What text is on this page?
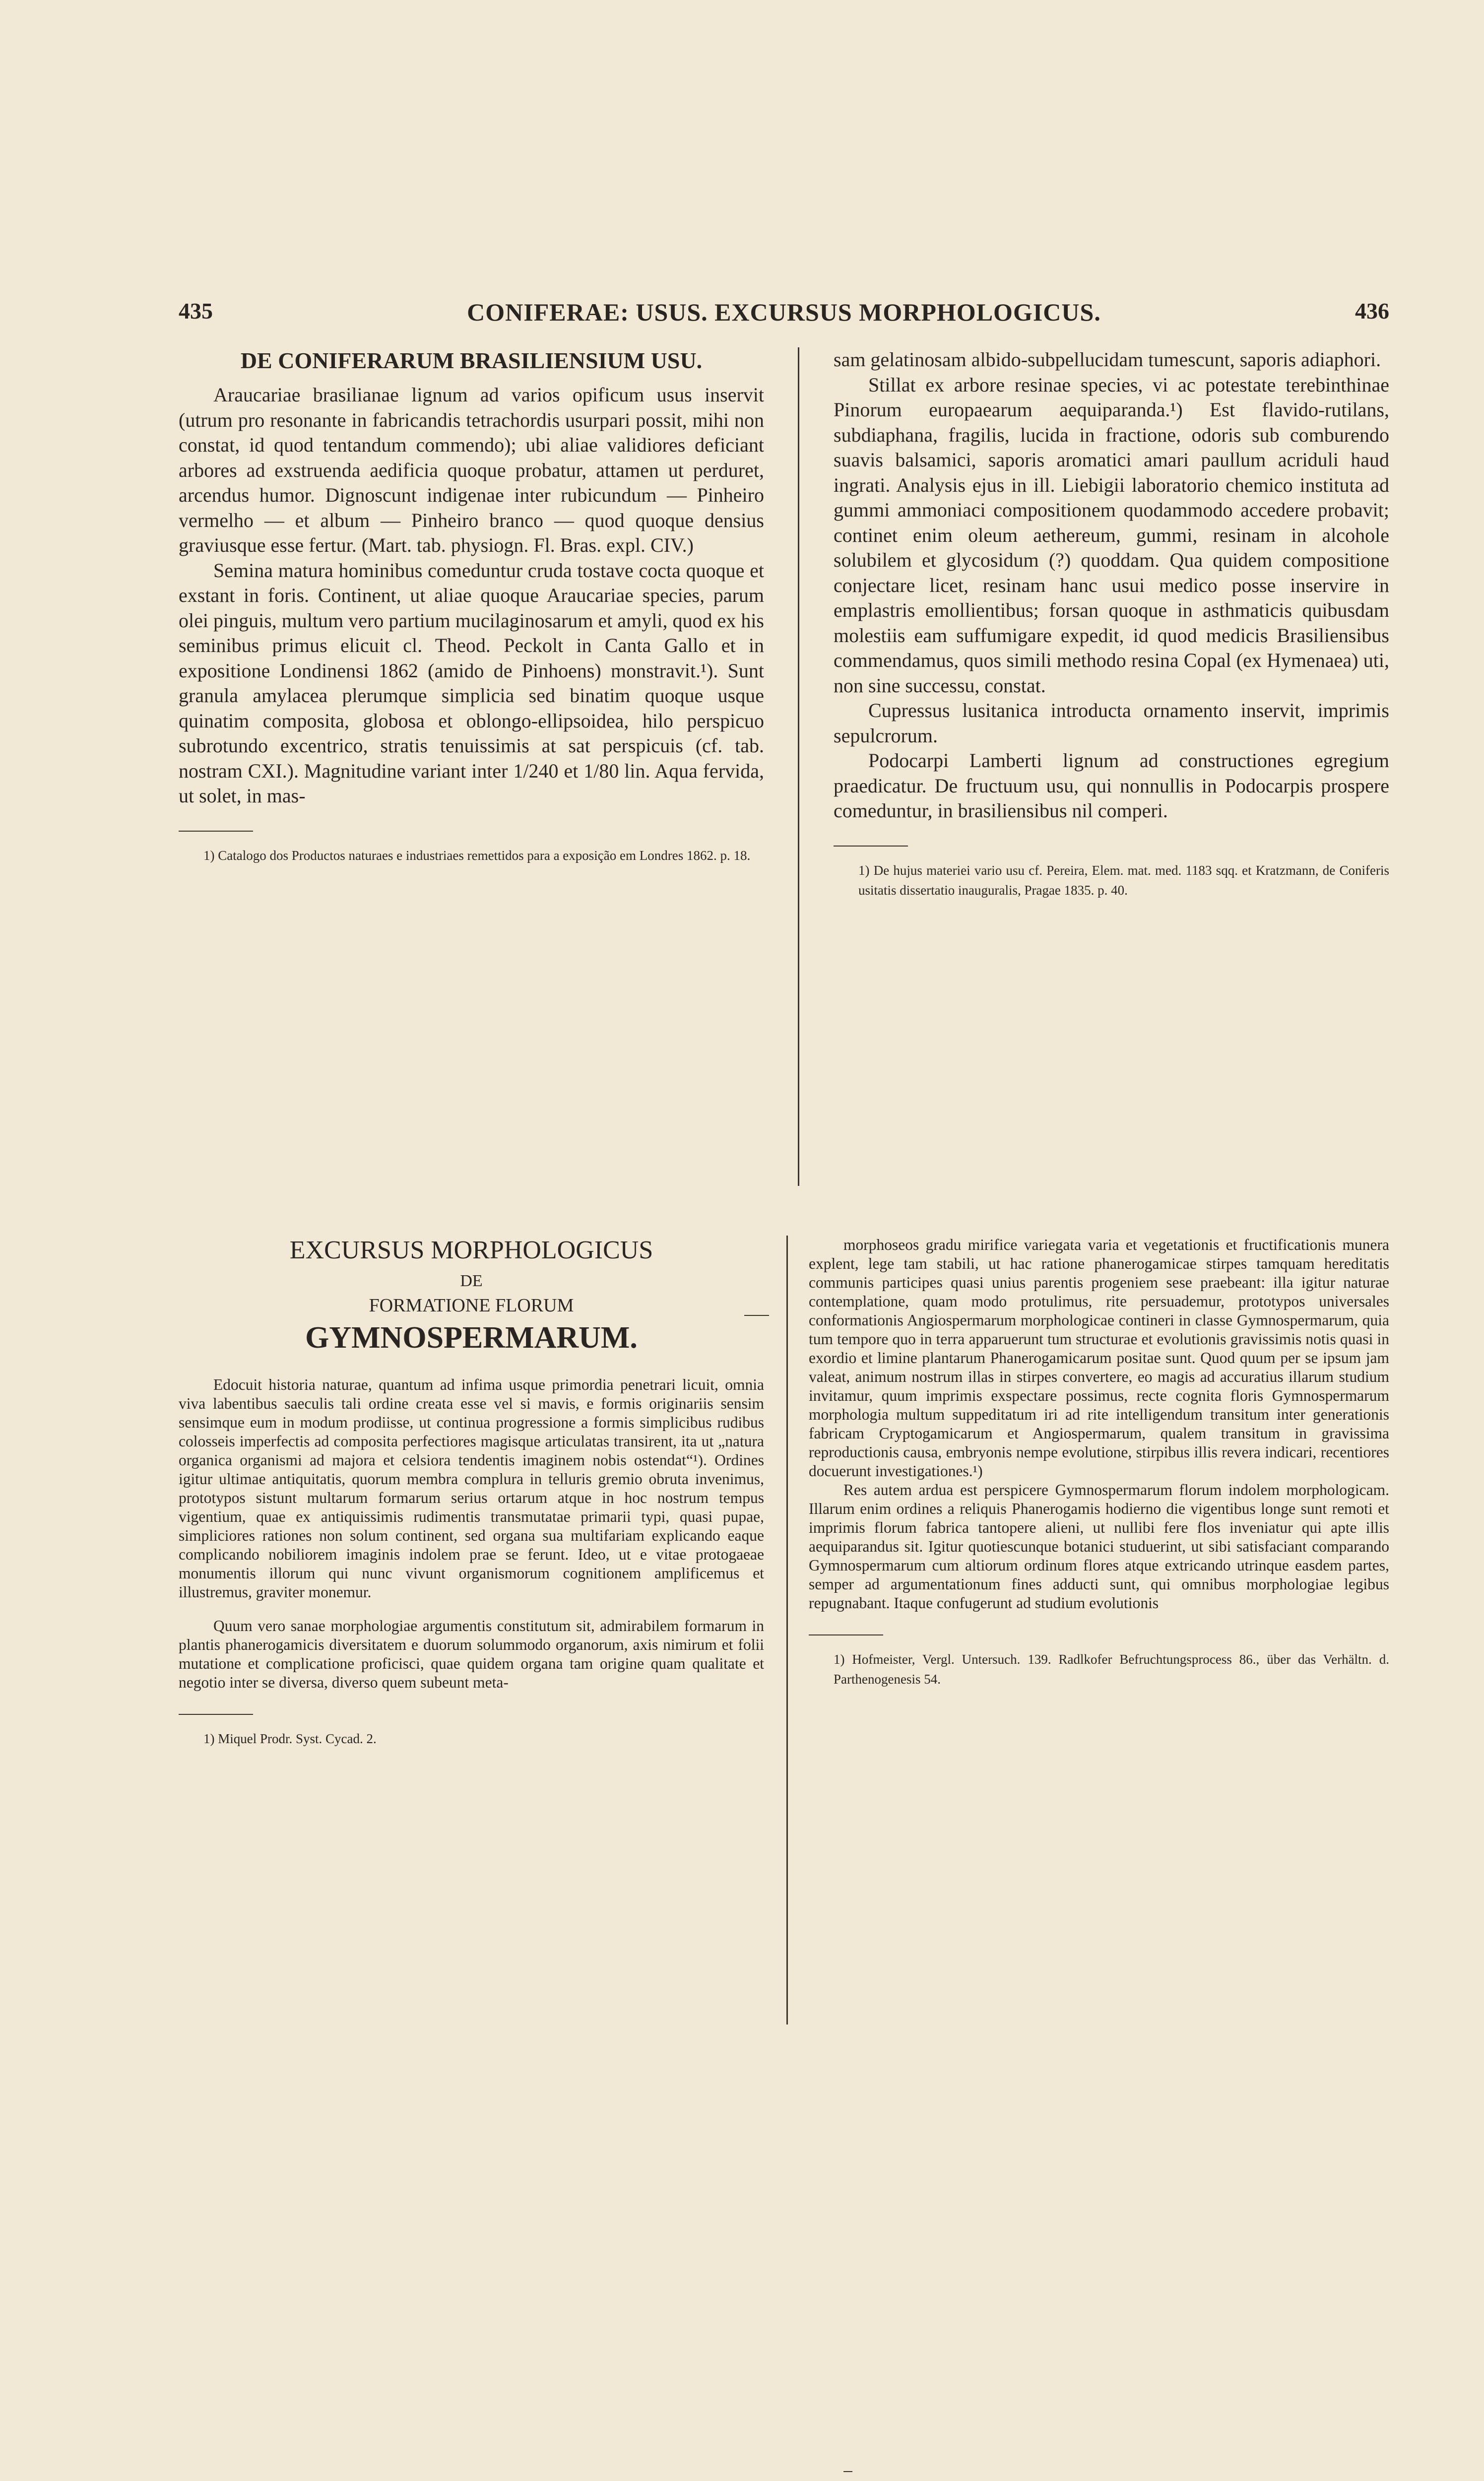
435	CONIFERAE: USUS. EXCURSUS MORPHOLOGICUS.	436
DE CONIFERARUM BRASILIENSIUM USU.

Araucariae brasilianae lignum ad varios opificum usus inservit (utrum pro resonante in fabricandis tetrachordis usurpari possit, mihi non constat, id quod tentandum commendo); ubi aliae validiores deficiant arbores ad exstruenda aedificia quoque probatur, attamen ut perduret, arcendus humor. Dignoscunt indigenae inter rubicundum — Pinheiro vermelho — et album — Pinheiro branco — quod quoque densius graviusque esse fertur. (Mart. tab. physiogn. Fl. Bras. expl. CIV.)

Semina matura hominibus comeduntur cruda tostave cocta quoque et exstant in foris. Continent, ut aliae quoque Araucariae species, parum olei pinguis, multum vero partium mucilaginosarum et amyli, quod ex his seminibus primus elicuit cl. Theod. Peckolt in Canta Gallo et in expositione Londinensi 1862 (amido de Pinhoens) monstravit.¹). Sunt granula amylacea plerumque simplicia sed binatim quoque usque quinatim composita, globosa et oblongo-ellipsoidea, hilo perspicuo subrotundo excentrico, stratis tenuissimis at sat perspicuis (cf. tab. nostram CXI.). Magnitudine variant inter 1/240 et 1/80 lin. Aqua fervida, ut solet, in mas-

1) Catalogo dos Productos naturaes e industriaes remettidos para a exposição em Londres 1862. p. 18.

sam gelatinosam albido-subpellucidam tumescunt, saporis adiaphori.

Stillat ex arbore resinae species, vi ac potestate terebinthinae Pinorum europaearum aequiparanda.¹) Est flavido-rutilans, subdiaphana, fragilis, lucida in fractione, odoris sub comburendo suavis balsamici, saporis aromatici amari paullum acriduli haud ingrati. Analysis ejus in ill. Liebigii laboratorio chemico instituta ad gummi ammoniaci compositionem quodammodo accedere probavit; continet enim oleum aethereum, gummi, resinam in alcohole solubilem et glycosidum (?) quoddam. Qua quidem compositione conjectare licet, resinam hanc usui medico posse inservire in emplastris emollientibus; forsan quoque in asthmaticis quibusdam molestiis eam suffumigare expedit, id quod medicis Brasiliensibus commendamus, quos simili methodo resina Copal (ex Hymenaea) uti, non sine successu, constat.

Cupressus lusitanica introducta ornamento inservit, imprimis sepulcrorum.

Podocarpi Lamberti lignum ad constructiones egregium praedicatur. De fructuum usu, qui nonnullis in Podocarpis prospere comeduntur, in brasiliensibus nil comperi.

1) De hujus materiei vario usu cf. Pereira, Elem. mat. med. 1183 sqq. et Kratzmann, de Coniferis usitatis dissertatio inauguralis, Pragae 1835. p. 40.

EXCURSUS MORPHOLOGICUS
DE
FORMATIONE FLORUM
GYMNOSPERMARUM.

Edocuit historia naturae, quantum ad infima usque primordia penetrari licuit, omnia viva labentibus saeculis tali ordine creata esse vel si mavis, e formis originariis sensim sensimque eum in modum prodiisse, ut continua progressione a formis simplicibus rudibus colosseis imperfectis ad composita perfectiores magisque articulatas transirent, ita ut „natura organica organismi ad majora et celsiora tendentis imaginem nobis ostendat“¹). Ordines igitur ultimae antiquitatis, quorum membra complura in telluris gremio obruta invenimus, prototypos sistunt multarum formarum serius ortarum atque in hoc nostrum tempus vigentium, quae ex antiquissimis rudimentis transmutatae primarii typi, quasi pupae, simpliciores rationes non solum continent, sed organa sua multifariam explicando eaque complicando nobiliorem imaginis indolem prae se ferunt. Ideo, ut e vitae protogaeae monumentis illorum qui nunc vivunt organismorum cognitionem amplificemus et illustremus, graviter monemur.

Quum vero sanae morphologiae argumentis constitutum sit, admirabilem formarum in plantis phanerogamicis diversitatem e duorum solummodo organorum, axis nimirum et folii mutatione et complicatione proficisci, quae quidem organa tam origine quam qualitate et negotio inter se diversa, diverso quem subeunt meta-

1) Miquel Prodr. Syst. Cycad. 2.

morphoseos gradu mirifice variegata varia et vegetationis et fructificationis munera explent, lege tam stabili, ut hac ratione phanerogamicae stirpes tamquam hereditatis communis participes quasi unius parentis progeniem sese praebeant: illa igitur naturae contemplatione, quam modo protulimus, rite persuademur, prototypos universales conformationis Angiospermarum morphologicae contineri in classe Gymnospermarum, quia tum tempore quo in terra apparuerunt tum structurae et evolutionis gravissimis notis quasi in exordio et limine plantarum Phanerogamicarum positae sunt. Quod quum per se ipsum jam valeat, animum nostrum illas in stirpes convertere, eo magis ad accuratius illarum studium invitamur, quum imprimis exspectare possimus, recte cognita floris Gymnospermarum morphologia multum suppeditatum iri ad rite intelligendum transitum inter generationis fabricam Cryptogamicarum et Angiospermarum, qualem transitum in gravissima reproductionis causa, embryonis nempe evolutione, stirpibus illis revera indicari, recentiores docuerunt investigationes.¹)

Res autem ardua est perspicere Gymnospermarum florum indolem morphologicam. Illarum enim ordines a reliquis Phanerogamis hodierno die vigentibus longe sunt remoti et imprimis florum fabrica tantopere alieni, ut nullibi fere flos inveniatur qui apte illis aequiparandus sit. Igitur quotiescunque botanici studuerint, ut sibi satisfaciant comparando Gymnospermarum cum altiorum ordinum flores atque extricando utrinque easdem partes, semper ad argumentationum fines adducti sunt, qui omnibus morphologiae legibus repugnabant. Itaque confugerunt ad studium evolutionis

1) Hofmeister, Vergl. Untersuch. 139. Radlkofer Befruchtungsprocess 86., über das Verhältn. d. Parthenogenesis 54.
